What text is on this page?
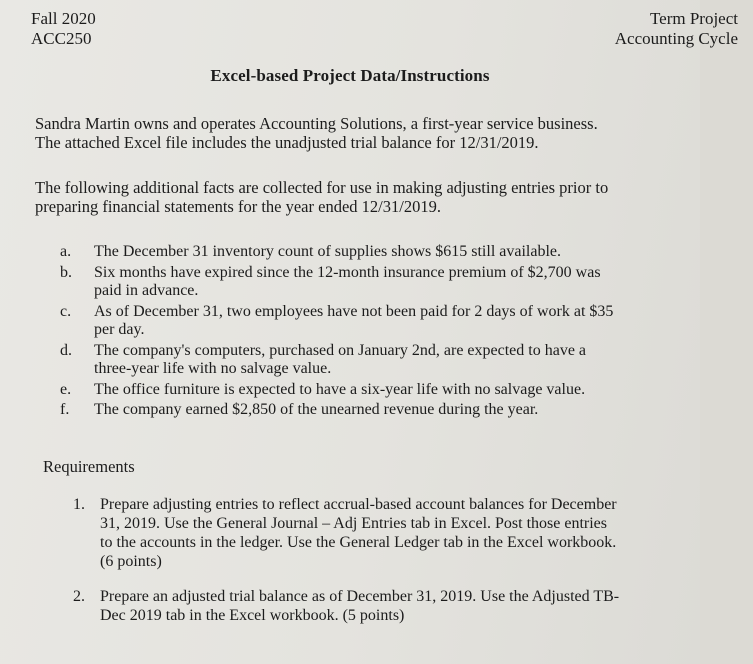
Fall 2020
ACC250
Term Project
Accounting Cycle
Excel-based Project Data/Instructions
Sandra Martin owns and operates Accounting Solutions, a first-year service business.
The attached Excel file includes the unadjusted trial balance for 12/31/2019.
The following additional facts are collected for use in making adjusting entries prior to
preparing financial statements for the year ended 12/31/2019.
a.	The December 31 inventory count of supplies shows $615 still available.
b.	Six months have expired since the 12-month insurance premium of $2,700 was
paid in advance.
c.	As of December 31, two employees have not been paid for 2 days of work at $35
per day.
d.	The company's computers, purchased on January 2nd, are expected to have a
three-year life with no salvage value.
e.	The office furniture is expected to have a six-year life with no salvage value.
f.	The company earned $2,850 of the unearned revenue during the year.
Requirements
1. Prepare adjusting entries to reflect accrual-based account balances for December
31, 2019. Use the General Journal – Adj Entries tab in Excel. Post those entries
to the accounts in the ledger. Use the General Ledger tab in the Excel workbook.
(6 points)
2. Prepare an adjusted trial balance as of December 31, 2019. Use the Adjusted TB-
Dec 2019 tab in the Excel workbook. (5 points)
